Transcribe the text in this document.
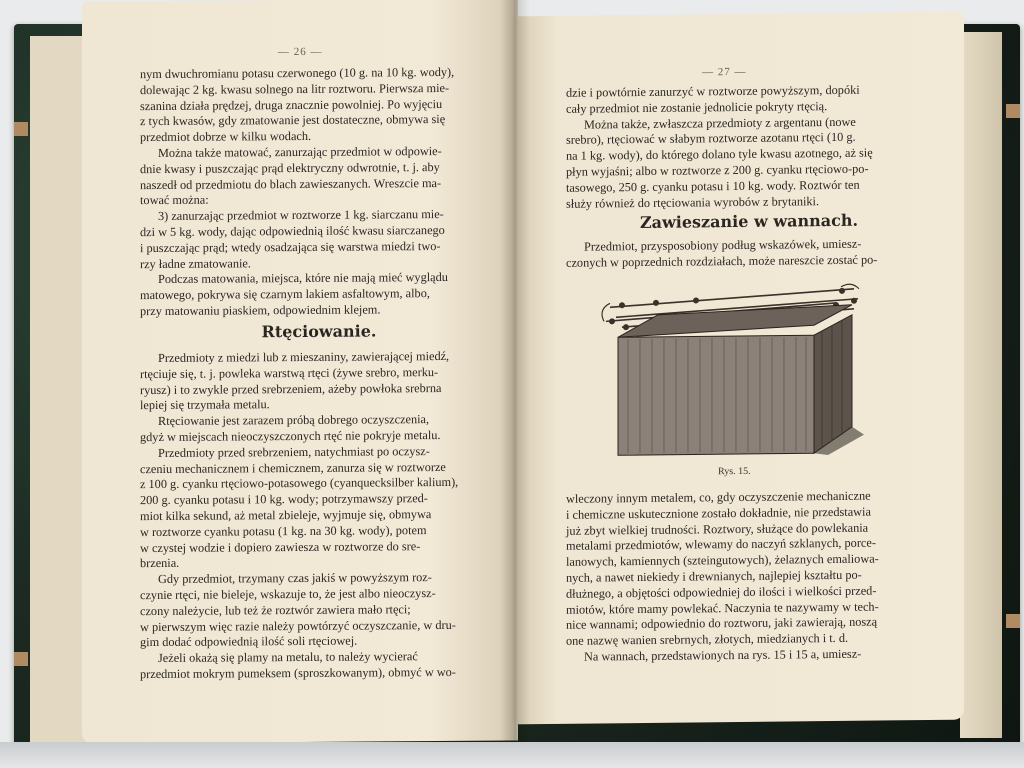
— 26 —

nym dwuchromianu potasu czerwonego (10 g. na 10 kg. wody),

dolewając 2 kg. kwasu solnego na litr roztworu. Pierwsza mie-

szanina działa prędzej, druga znacznie powolniej. Po wyjęciu

z tych kwasów, gdy zmatowanie jest dostateczne, obmywa się

przedmiot dobrze w kilku wodach.

Można także matować, zanurzając przedmiot w odpowie-

dnie kwasy i puszczając prąd elektryczny odwrotnie, t. j. aby

naszedł od przedmiotu do blach zawieszanych. Wreszcie ma-

tować można:

3) zanurzając przedmiot w roztworze 1 kg. siarczanu mie-

dzi w 5 kg. wody, dając odpowiednią ilość kwasu siarczanego

i puszczając prąd; wtedy osadzająca się warstwa miedzi two-

rzy ładne zmatowanie.

Podczas matowania, miejsca, które nie mają mieć wyglądu

matowego, pokrywa się czarnym lakiem asfaltowym, albo,

przy matowaniu piaskiem, odpowiednim klejem.

Rtęciowanie.

Przedmioty z miedzi lub z mieszaniny, zawierającej miedź,

rtęciuje się, t. j. powleka warstwą rtęci (żywe srebro, merku-

ryusz) i to zwykle przed srebrzeniem, ażeby powłoka srebrna

lepiej się trzymała metalu.

Rtęciowanie jest zarazem próbą dobrego oczyszczenia,

gdyż w miejscach nieoczyszczonych rtęć nie pokryje metalu.

Przedmioty przed srebrzeniem, natychmiast po oczysz-

czeniu mechanicznem i chemicznem, zanurza się w roztworze

z 100 g. cyanku rtęciowo-potasowego (cyanquecksilber kalium),

200 g. cyanku potasu i 10 kg. wody; potrzymawszy przed-

miot kilka sekund, aż metal zbieleje, wyjmuje się, obmywa

w roztworze cyanku potasu (1 kg. na 30 kg. wody), potem

w czystej wodzie i dopiero zawiesza w roztworze do sre-

brzenia.

Gdy przedmiot, trzymany czas jakiś w powyższym roz-

czynie rtęci, nie bieleje, wskazuje to, że jest albo nieoczysz-

czony należycie, lub też że roztwór zawiera mało rtęci;

w pierwszym więc razie należy powtórzyć oczyszczanie, w dru-

gim dodać odpowiednią ilość soli rtęciowej.

Jeżeli okażą się plamy na metalu, to należy wycierać

przedmiot mokrym pumeksem (sproszkowanym), obmyć w wo-

— 27 —

dzie i powtórnie zanurzyć w roztworze powyższym, dopóki

cały przedmiot nie zostanie jednolicie pokryty rtęcią.

Można także, zwłaszcza przedmioty z argentanu (nowe

srebro), rtęciować w słabym roztworze azotanu rtęci (10 g.

na 1 kg. wody), do którego dolano tyle kwasu azotnego, aż się

płyn wyjaśni; albo w roztworze z 200 g. cyanku rtęciowo-po-

tasowego, 250 g. cyanku potasu i 10 kg. wody. Roztwór ten

służy również do rtęciowania wyrobów z brytaniki.

Zawieszanie w wannach.

Przedmiot, przysposobiony podług wskazówek, umiesz-

czonych w poprzednich rozdziałach, może nareszcie zostać po-

Rys. 15.

wleczony innym metalem, co, gdy oczyszczenie mechaniczne

i chemiczne uskutecznione zostało dokładnie, nie przedstawia

już zbyt wielkiej trudności. Roztwory, służące do powlekania

metalami przedmiotów, wlewamy do naczyń szklanych, porce-

lanowych, kamiennych (szteingutowych), żelaznych emaliowa-

nych, a nawet niekiedy i drewnianych, najlepiej kształtu po-

dłużnego, a objętości odpowiedniej do ilości i wielkości przed-

miotów, które mamy powlekać. Naczynia te nazywamy w tech-

nice wannami; odpowiednio do roztworu, jaki zawierają, noszą

one nazwę wanien srebrnych, złotych, miedzianych i t. d.

Na wannach, przedstawionych na rys. 15 i 15 a, umiesz-
